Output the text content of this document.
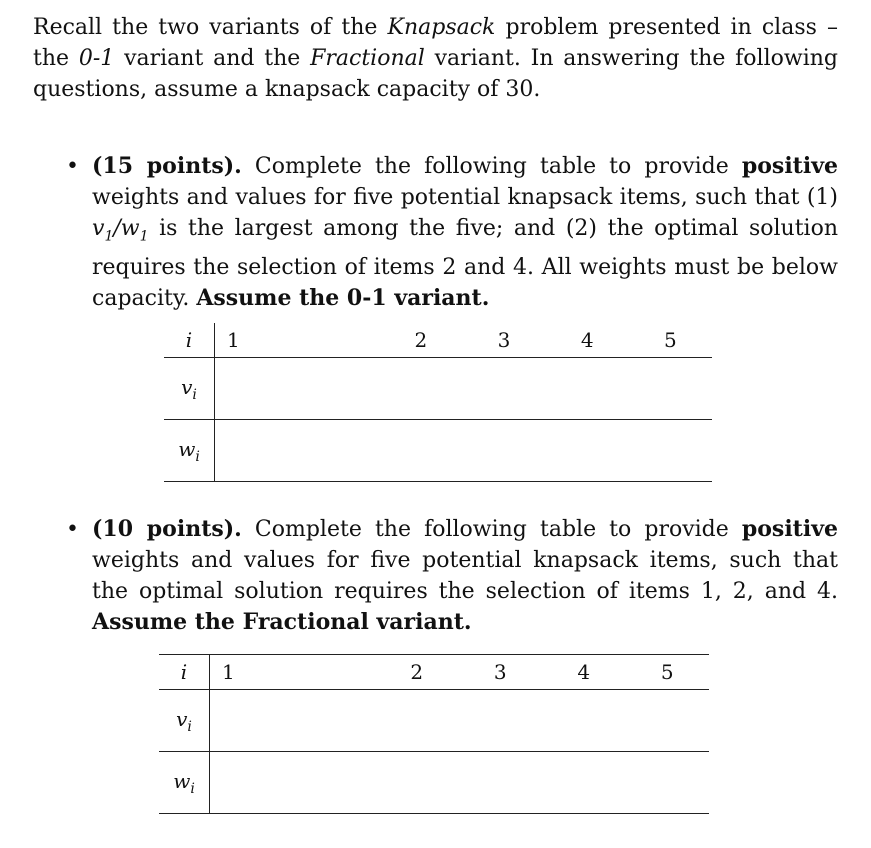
Recall the two variants of the Knapsack problem presented in class – the 0-1 variant and the Fractional variant. In answering the following questions, assume a knapsack capacity of 30.
• (15 points). Complete the following table to provide positive weights and values for five potential knapsack items, such that (1) $v_1/w_1$ is the largest among the five; and (2) the optimal solution requires the selection of items 2 and 4. All weights must be below capacity. Assume the 0-1 variant.
i	1	2	3	4	5
$v_i$	
$w_i$	
• (10 points). Complete the following table to provide positive weights and values for five potential knapsack items, such that the optimal solution requires the selection of items 1, 2, and 4. Assume the Fractional variant.
i	1	2	3	4	5
$v_i$	
$w_i$	
